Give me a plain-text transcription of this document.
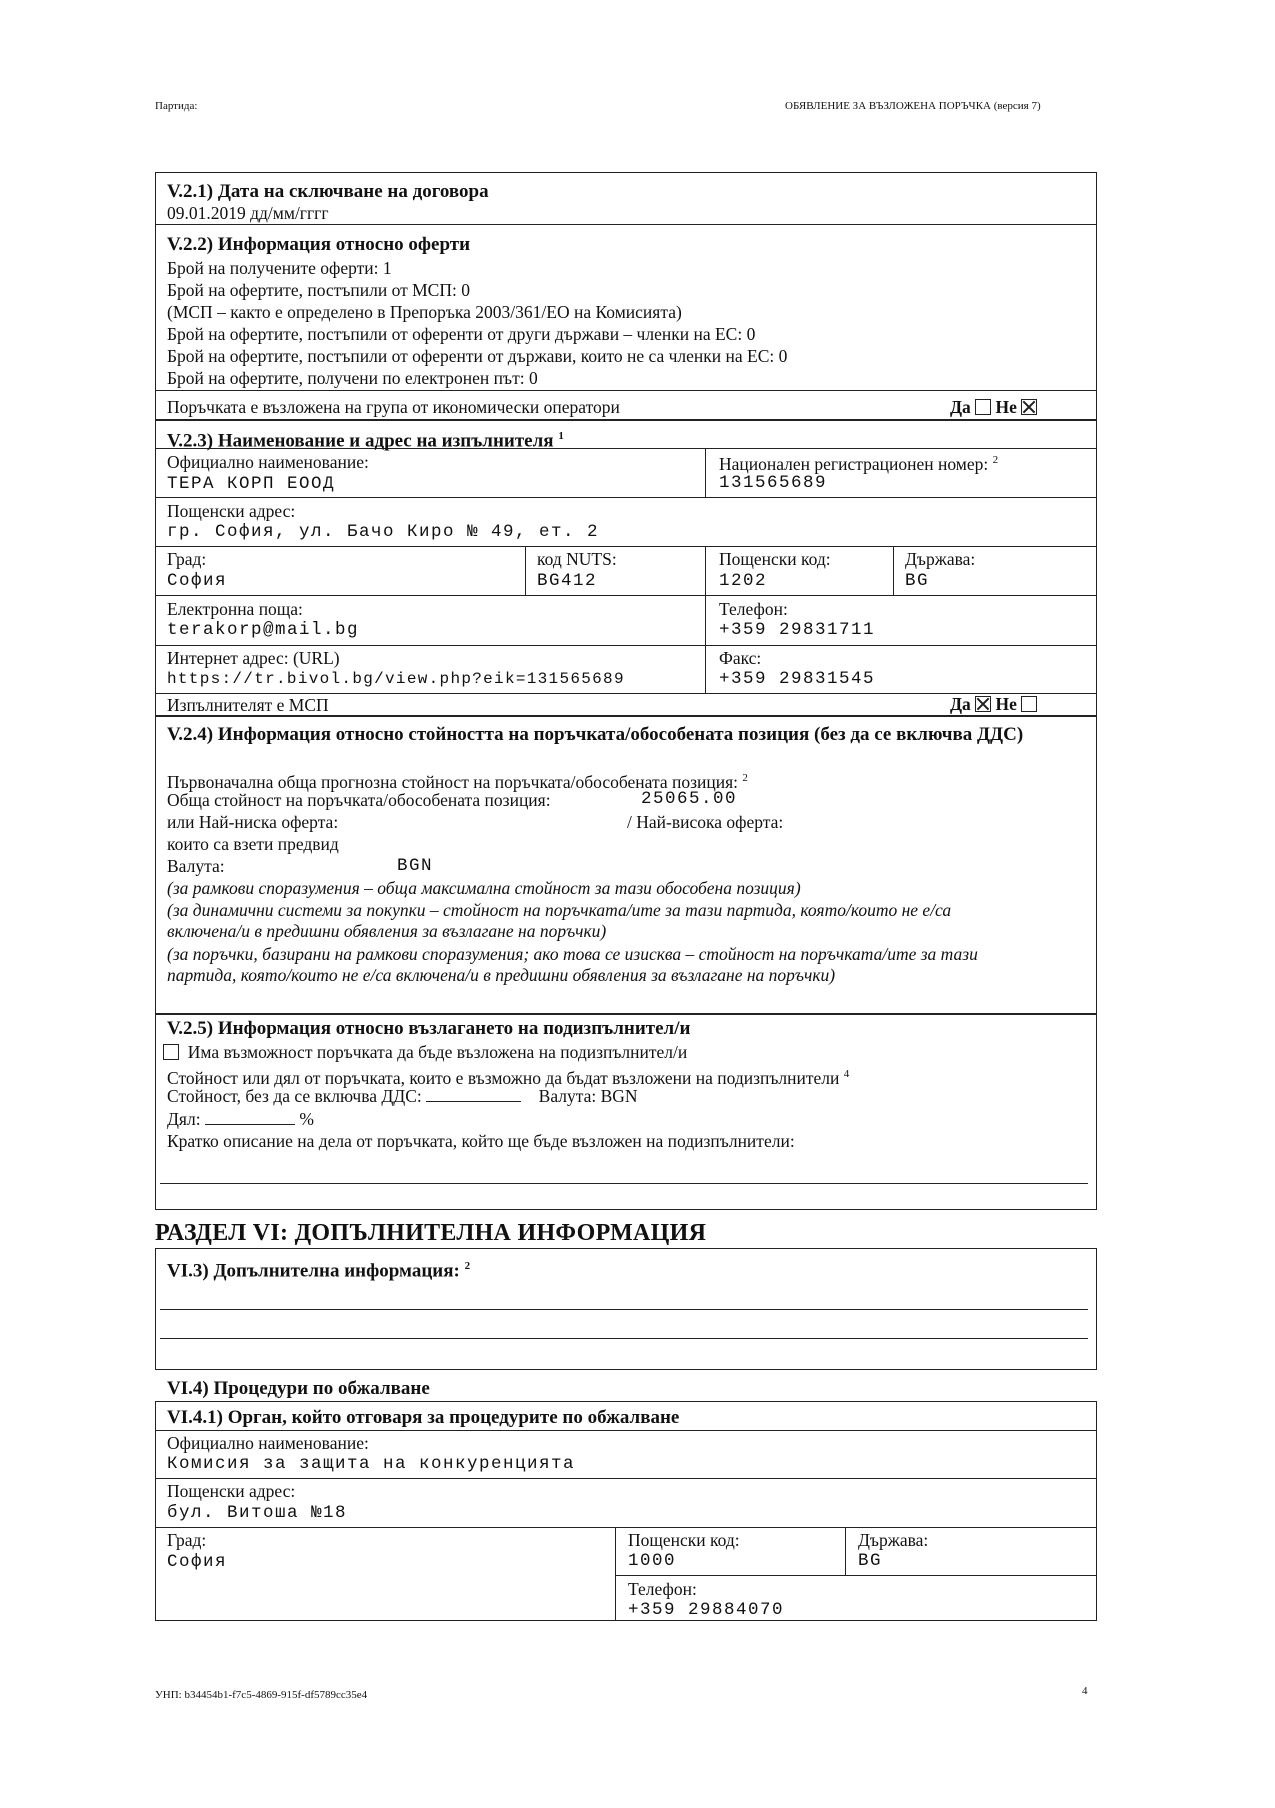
Партида:	ОБЯВЛЕНИЕ ЗА ВЪЗЛОЖЕНА ПОРЪЧКА (версия 7)
V.2.1) Дата на сключване на договора
09.01.2019 дд/мм/гггг
V.2.2) Информация относно оферти
Брой на получените оферти: 1
Брой на офертите, постъпили от МСП: 0
(МСП – както е определено в Препоръка 2003/361/ЕО на Комисията)
Брой на офертите, постъпили от оференти от други държави – членки на ЕС: 0
Брой на офертите, постъпили от оференти от държави, които не са членки на ЕС: 0
Брой на офертите, получени по електронен път: 0
Поръчката е възложена на група от икономически оператори	Да Не
V.2.3) Наименование и адрес на изпълнителя $^1$
Официално наименование:
ТЕРА КОРП ЕООД
Национален регистрационен номер: $^2$
131565689
Пощенски адрес:
гр. София, ул. Бачо Киро № 49, ет. 2
Град:
София
код NUTS:
BG412
Пощенски код:
1202
Държава:
BG
Електронна поща:
terakorp@mail.bg
Телефон:
+359 29831711
Интернет адрес: (URL)
https://tr.bivol.bg/view.php?eik=131565689
Факс:
+359 29831545
Изпълнителят е МСП	Да Не
V.2.4) Информация относно стойността на поръчката/обособената позиция (без да се включва ДДС)
Първоначална обща прогнозна стойност на поръчката/обособената позиция: $^2$
Обща стойност на поръчката/обособената позиция:	25065.00
или Най-ниска оферта:	/ Най-висока оферта:
които са взети предвид
Валута:	BGN
(за рамкови споразумения – обща максимална стойност за тази обособена позиция)
(за динамични системи за покупки – стойност на поръчката/ите за тази партида, която/които не е/са включена/и в предишни обявления за възлагане на поръчки)
(за поръчки, базирани на рамкови споразумения; ако това се изисква – стойност на поръчката/ите за тази партида, която/които не е/са включена/и в предишни обявления за възлагане на поръчки)
V.2.5) Информация относно възлагането на подизпълнител/и
Има възможност поръчката да бъде възложена на подизпълнител/и
Стойност или дял от поръчката, които е възможно да бъдат възложени на подизпълнители $^4$
Стойност, без да се включва ДДС:	Валута: BGN
Дял:	%
Кратко описание на дела от поръчката, който ще бъде възложен на подизпълнители:
РАЗДЕЛ VI: ДОПЪЛНИТЕЛНА ИНФОРМАЦИЯ
VI.3) Допълнителна информация: $^2$
VI.4) Процедури по обжалване
VI.4.1) Орган, който отговаря за процедурите по обжалване
Официално наименование:
Комисия за защита на конкуренцията
Пощенски адрес:
бул. Витоша №18
Град:
София
Пощенски код:
1000
Държава:
BG
Телефон:
+359 29884070
УНП: b34454b1-f7c5-4869-915f-df5789cc35e4	4
